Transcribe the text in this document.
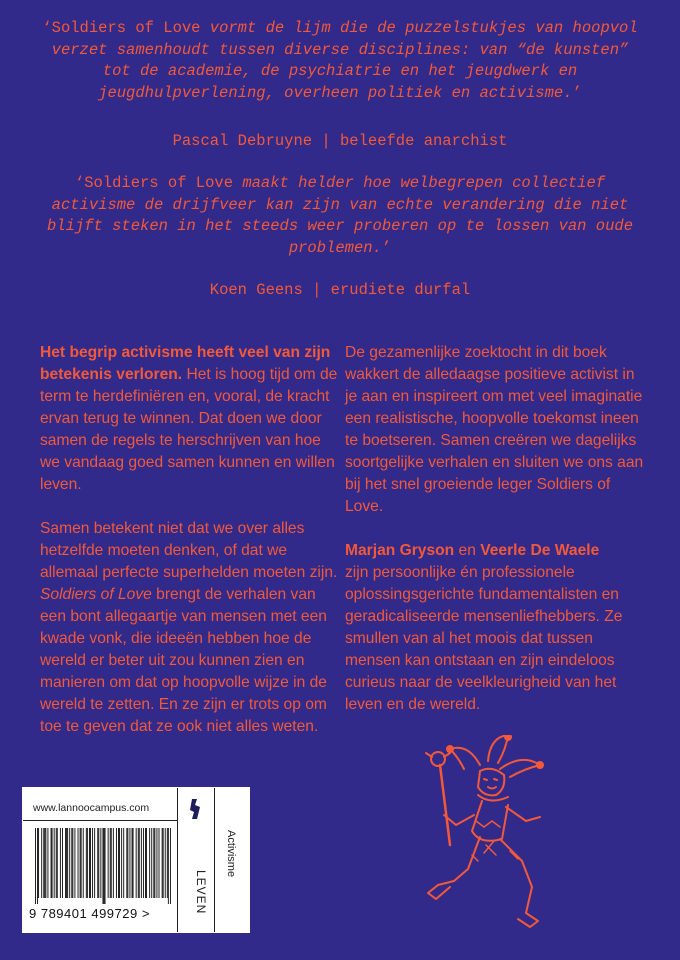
‘Soldiers of Love vormt de lijm die de puzzelstukjes van hoopvol verzet samenhoudt tussen diverse disciplines: van “de kunsten” tot de academie, de psychiatrie en het jeugdwerk en jeugdhulpverlening, overheen politiek en activisme.’
Pascal Debruyne | beleefde anarchist
‘Soldiers of Love maakt helder hoe welbegrepen collectief activisme de drijfveer kan zijn van echte verandering die niet blijft steken in het steeds weer proberen op te lossen van oude problemen.’
Koen Geens | erudiete durfal

Het begrip activisme heeft veel van zijn betekenis verloren. Het is hoog tijd om de term te herdefiniëren en, vooral, de kracht ervan terug te winnen. Dat doen we door samen de regels te herschrijven van hoe we vandaag goed samen kunnen en willen leven.

Samen betekent niet dat we over alles hetzelfde moeten denken, of dat we allemaal perfecte superhelden moeten zijn. Soldiers of Love brengt de verhalen van een bont allegaartje van mensen met een kwade vonk, die ideeën hebben hoe de wereld er beter uit zou kunnen zien en manieren om dat op hoopvolle wijze in de wereld te zetten. En ze zijn er trots op om toe te geven dat ze ook niet alles weten.

De gezamenlijke zoektocht in dit boek wakkert de alledaagse positieve activist in je aan en inspireert om met veel imaginatie een realistische, hoopvolle toekomst ineen te boetseren. Samen creëren we dagelijks soortgelijke verhalen en sluiten we ons aan bij het snel groeiende leger Soldiers of Love.

Marjan Gryson en Veerle De Waele
zijn persoonlijke én professionele oplossingsgerichte fundamentalisten en geradicaliseerde mensenliefhebbers. Ze smullen van al het moois dat tussen mensen kan ontstaan en zijn eindeloos curieus naar de veelkleurigheid van het leven en de wereld.

www.lannoocampus.com
9 789401 499729 >	LEVEN
Activisme
